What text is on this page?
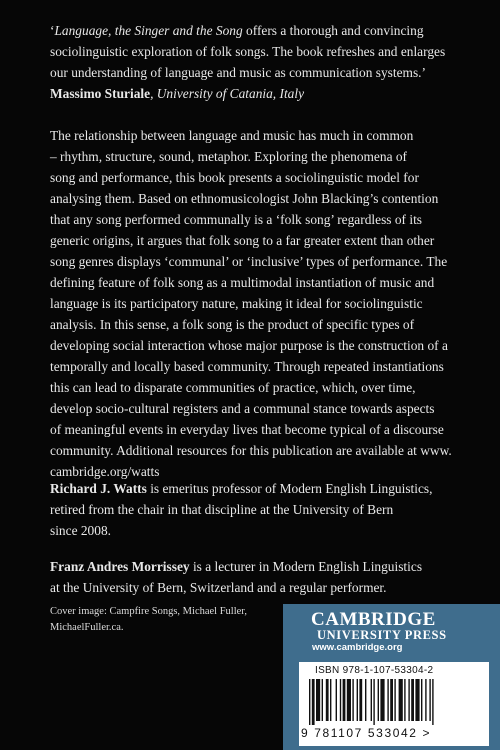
‘Language, the Singer and the Song offers a thorough and convincing sociolinguistic exploration of folk songs. The book refreshes and enlarges our understanding of language and music as communication systems.’
Massimo Sturiale, University of Catania, Italy
The relationship between language and music has much in common
– rhythm, structure, sound, metaphor. Exploring the phenomena of
song and performance, this book presents a sociolinguistic model for
analysing them. Based on ethnomusicologist John Blacking’s contention
that any song performed communally is a ‘folk song’ regardless of its
generic origins, it argues that folk song to a far greater extent than other
song genres displays ‘communal’ or ‘inclusive’ types of performance. The
defining feature of folk song as a multimodal instantiation of music and
language is its participatory nature, making it ideal for sociolinguistic
analysis. In this sense, a folk song is the product of specific types of
developing social interaction whose major purpose is the construction of a
temporally and locally based community. Through repeated instantiations
this can lead to disparate communities of practice, which, over time,
develop socio-cultural registers and a communal stance towards aspects
of meaningful events in everyday lives that become typical of a discourse
community. Additional resources for this publication are available at www.
cambridge.org/watts
Richard J. Watts is emeritus professor of Modern English Linguistics,
retired from the chair in that discipline at the University of Bern
since 2008.
Franz Andres Morrissey is a lecturer in Modern English Linguistics
at the University of Bern, Switzerland and a regular performer.
Cover image: Campfire Songs, Michael Fuller,
MichaelFuller.ca.	CAMBRIDGE
UNIVERSITY PRESS
www.cambridge.org
ISBN 978-1-107-53304-2
9 781107 533042 >
